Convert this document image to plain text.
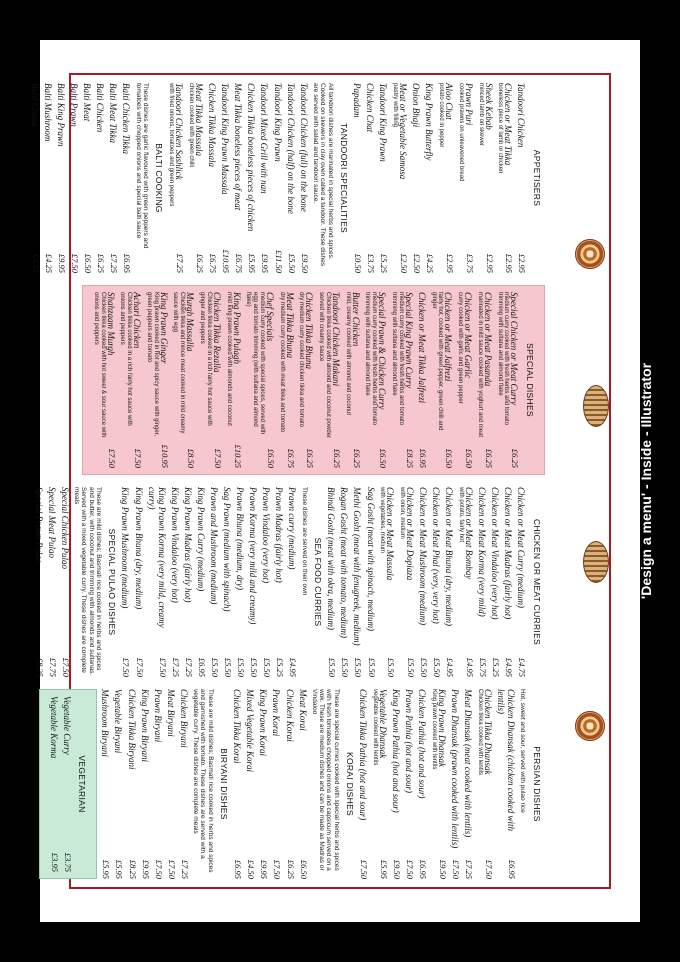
APPETISERS
Tandoori Chicken
£2.95
Chicken or Meat Tikka
boneless piece of lamb or chicken
£2.95
Sheek Kebab
minced lamb on skewer
£2.95
Prawn Puri
cooked prawns on unleavened bread
£3.75
Aloo Chat
potato cooked in pepper
£2.95
King Prawn Butterfly
£4.25
Onion Bhaji
£2.50
Meat or Vegetable Samosa
pastry with filling
£2.50
Tandoori King Prawn
£5.25
Chicken Chat
£3.75
Papadam
£0.50
TANDOORI SPECIALITIES
All tandoori dishes are marinated in special herbs and spices. Cooked on skewers in clay oven called a tandoor. These dishes are served with salad and tandoori sauce.
Tandoori Chicken (full) on the bone
£9.50
Tandoori Chicken (half) on the bone
£5.50
Tandoori King Prawn
£11.50
Tandoori Mixed Grill with nan
£9.95
Chicken Tikka boneless pieces of chicken
£5.95
Meat Tikka boneless pieces of meat
£6.75
Tandoori King Prawn Massala
£10.95
Chicken Tikka Massala
£6.75
Meat Tikka Massala
chicken cooked with green chilli
£6.25
Tandoori Chicken Sashlick
with fried onions, tomatoes and green peppers
£7.25
BALTI COOKING
These dishes are garlic flavoured with green peppers and tomatoes with chopped onions and special balti sauce
Balti Chicken Tikka
£6.95
Balti Meat Tikka
£7.25
Balti Chicken
£6.25
Balti Meat
£6.50
Balti Prawn
£7.50
Balti King Prawn
£9.95
Balti Mushroom
£4.25
Balti Chana
£4.25
SPECIAL DISHES
Special Chicken or Meat Curry
medium curry cooked with fresh herbs and tomato trimming with sultana and almond flake
£6.25
Chicken or Meat Pasanda
marinated in mild sauce cooked with yoghurt and meat
£6.25
Chicken or Meat Garlic
curry cooked with garlic and green pepper
£6.50
Chicken or Meat Jalfrezi
fairly hot, cooked with green pepper, green chilli and ginger
£6.50
Chicken or Meat Tikka Jalfrezi
£6.95
Special King Prawn Curry
medium curry cooked with fresh herbs and tomato trimming with sultana and almond flake
£8.25
Special Prawn & Chicken Curry
medium curry cooked with fresh herbs and tomato trimming with sultana and almond flake
£6.50
Butter Chicken
mild, creamy cooked with almond and coconut
£6.25
Tandoori Chicken Makani
Chicken tikka cooked with almond and coconut powder served with creamy sauce
£6.25
Chicken Tikka Bhuna
dry medium curry cooked chicken tikka and tomato
£6.25
Meat Tikka Bhuna
dry medium curry cooked with meat tikka and tomato
£6.75
Chef Specials
medium curry cooked with special spices, served with egg and tomato trimming (with sultana and almond flake)
£6.50
King Prawn Pulagh
mild king prawn cooked with almonds and coconut
£10.25
Chicken Tikka Rezalla
Chicken tikka cooked in a rich fairly hot sauce with ginger and peppers
£7.50
Murgh Massalla
Chicken tikka and mince meat cooked in mild creamy sauce with egg
£8.50
King Prawn Ginger
King prawn cooked in hot and spicy sauce with ginger, green peppers and tomato
£10.95
Achari Chicken
Chicken tikka cooked in a rich fairly hot sauce with onions and peppers
£7.50
Shahzaam Murgh
Chicken tikka cooked with hot sweet & sour sauce with onions and peppers
£7.50
CHICKEN OR MEAT CURRIES
Chicken or Meat Curry (medium)
£4.75
Chicken or Meat Madras (fairly hot)
£4.95
Chicken or Meat Vindaloo (very hot)
£5.25
Chicken or Meat Korma (very mild)
£5.75
Chicken or Meat Bombay
with potato, fairly hot
£4.95
Chicken or Meat Bhuna (dry, medium)
£4.95
Chicken or Meat Phal (very, very hot)
£5.50
Chicken or Meat Mushroom (medium)
£5.50
Chicken or Meat Dopiaza
with onion, medium
£5.50
Chicken or Meat Massala
with vegetables, medium
£5.50
Sag Gosht (meat with spinach, medium)
£5.50
Methi Gosht (meat with fenugreek, medium)
£5.50
Rogan Gosht (meat with tomato, medium)
£5.50
Bhindi Gosht (meat with okra, medium)
£5.50
SEA FOOD CURRIES
These dishes are served on their own
Prawn curry (medium)
£4.95
Prawn Madras (fairly hot)
£5.25
Prawn Vindaloo (very hot)
£5.50
Prawn Korma (very mild and creamy)
£5.50
Prawn Bhuna (medium, dry)
£5.50
Sag Prawn (medium with spinach)
£5.50
Prawn and Mushroom (medium)
£5.50
King Prawn Curry (medium)
£6.95
King Prawn Madras (fairly hot)
£7.25
King Prawn Vindaloo (very hot)
£7.25
King Prawn Korma (very mild, creamy curry)
£7.50
King Prawn Bhuna (dry, medium)
£7.50
King Prawn Mushroom (medium)
£7.50
SPECIAL PULAO DISHES
These are mild dishes; Basmati rice cooked in herbs and spices and butter, with coconut and trimming with almonds and sultanas. Served with a mixed vegetable curry. These dishes are complete meals
Special Chicken Pulao
£7.50
Special Meat Pulao
£7.75
Special Prawn Pulao
£8.25
PERSIAN DISHES
Hot, sweet and sour, served with pulao rice
Chicken Dhansak (chicken cooked with lentils)
£6.95
Chicken Tikka Dhansak
Chicken tikka cooked with lentils
£7.50
Meat Dhansak (meat cooked with lentils)
£7.25
Prawn Dhansak (prawn cooked with lentils)
£7.50
King Prawn Dhansak
King prawn cooked with lentils
£9.50
Chicken Pathia (hot and sour)
£6.95
Prawn Pathia (hot and sour)
£7.50
King Prawn Pathia (hot and sour)
£9.50
Vegetable Dhansak
vegetable cooked with lentils
£5.95
Chicken Tikka Pathia (hot and sour)
£7.50
KORAI DISHES
These are special curries cooked with special herbs and spices with fresh tomatoes chopped onions and capsicum served on a wok. These are medium dishes and can be made as Madras or Vindaloo
Meat Korai
£6.50
Chicken Korai
£6.25
Prawn Korai
£7.50
King Prawn Korai
£9.95
Mixed Vegetable Korai
£4.50
Chicken Tikka Korai
£6.95
BIRYANI DISHES
These are mild dishes; Basmati rice cooked in herbs and spices and garnished with tomato. These dishes are served with a vegetable curry. These dishes are complete meals
Chicken Biryani
£7.25
Meat Biryani
£7.50
Prawn Biryani
£7.50
King Prawn Biryani
£9.95
Chicken Tikka Biryani
£8.25
Vegetable Biryani
£5.95
Mushroom Biryani
£5.95
VEGETARIAN
Vegetable Curry
£3.75
Vegetable Korma
£3.95
'Design a menu' - Inside - Illustrator
